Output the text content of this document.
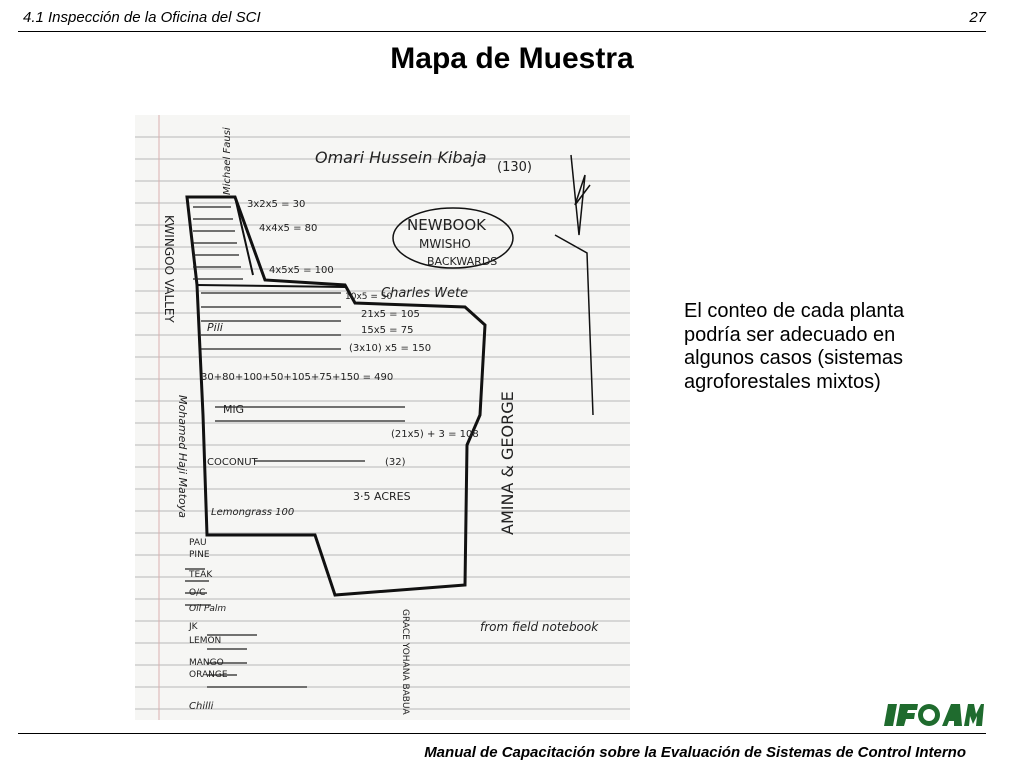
4.1 Inspección de la Oficina del SCI	27
Mapa de Muestra
Omari Hussein Kibaja
(130)
Michael Fausi
NEWBOOK
MWISHO
BACKWARDS
KWINGOO VALLEY
3x2x5 = 30
4x4x5 = 80
4x5x5 = 100
10x5 = 50
Charles Wete
21x5 = 105
15x5 = 75
(3x10) x5 = 150
Pili
30+80+100+50+105+75+150 = 490
MiG
(21x5) + 3 = 108
COCONUT	(32)
3·5 ACRES
Lemongrass 100	AMINA & GEORGE
Mohamed Haji Matoya
PAU
PINE
TEAK
O/C
Oil Palm
JK
LEMON
MANGO
ORANGE
Chilli	GRACE YOHANA BABUA	from field notebook
El conteo de cada planta podría ser adecuado en algunos casos (sistemas agroforestales mixtos)
Manual de Capacitación sobre la Evaluación de Sistemas de Control Interno
